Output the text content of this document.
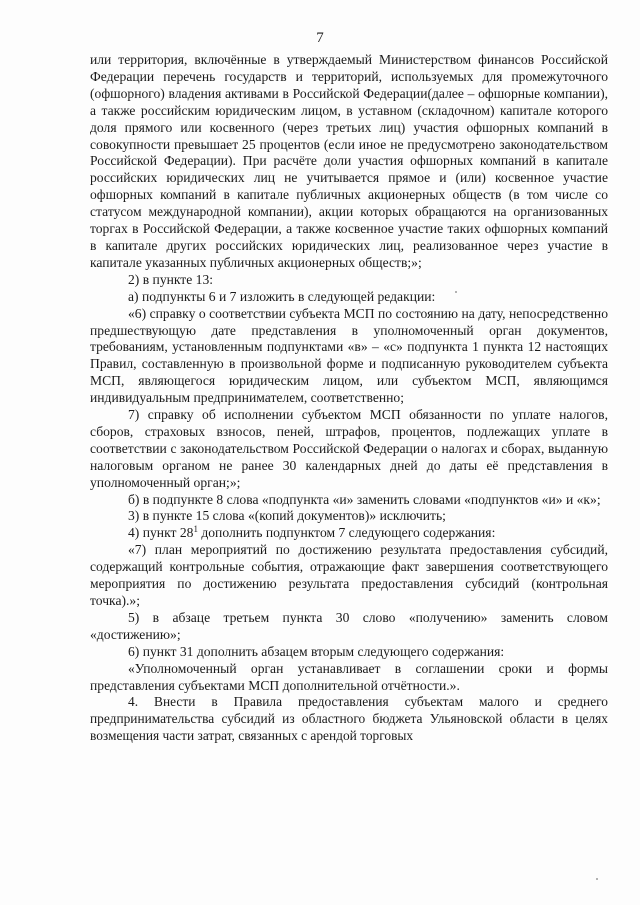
7

или территория, включённые в утверждаемый Министерством финансов Российской Федерации перечень государств и территорий, используемых для промежуточного (офшорного) владения активами в Российской Федерации(далее – офшорные компании), а также российским юридическим лицом, в уставном (складочном) капитале которого доля прямого или косвенного (через третьих лиц) участия офшорных компаний в совокупности превышает 25 процентов (если иное не предусмотрено законодательством Российской Федерации). При расчёте доли участия офшорных компаний в капитале российских юридических лиц не учитывается прямое и (или) косвенное участие офшорных компаний в капитале публичных акционерных обществ (в том числе со статусом международной компании), акции которых обращаются на организованных торгах в Российской Федерации, а также косвенное участие таких офшорных компаний в капитале других российских юридических лиц, реализованное через участие в капитале указанных публичных акционерных обществ;»;

2) в пункте 13:

а) подпункты 6 и 7 изложить в следующей редакции:

«6) справку о соответствии субъекта МСП по состоянию на дату, непосредственно предшествующую дате представления в уполномоченный орган документов, требованиям, установленным подпунктами «в» – «с» подпункта 1 пункта 12 настоящих Правил, составленную в произвольной форме и подписанную руководителем субъекта МСП, являющегося юридическим лицом, или субъектом МСП, являющимся индивидуальным предпринимателем, соответственно;

7) справку об исполнении субъектом МСП обязанности по уплате налогов, сборов, страховых взносов, пеней, штрафов, процентов, подлежащих уплате в соответствии с законодательством Российской Федерации о налогах и сборах, выданную налоговым органом не ранее 30 календарных дней до даты её представления в уполномоченный орган;»;

б) в подпункте 8 слова «подпункта «и» заменить словами «подпунктов «и» и «к»;

3) в пункте 15 слова «(копий документов)» исключить;

4) пункт $28^1$ дополнить подпунктом 7 следующего содержания:

«7) план мероприятий по достижению результата предоставления субсидий, содержащий контрольные события, отражающие факт завершения соответствующего мероприятия по достижению результата предоставления субсидий (контрольная точка).»;

5) в абзаце третьем пункта 30 слово «получению» заменить словом «достижению»;

6) пункт 31 дополнить абзацем вторым следующего содержания:

«Уполномоченный орган устанавливает в соглашении сроки и формы представления субъектами МСП дополнительной отчётности.».

4. Внести в Правила предоставления субъектам малого и среднего предпринимательства субсидий из областного бюджета Ульяновской области в целях возмещения части затрат, связанных с арендой торговых
